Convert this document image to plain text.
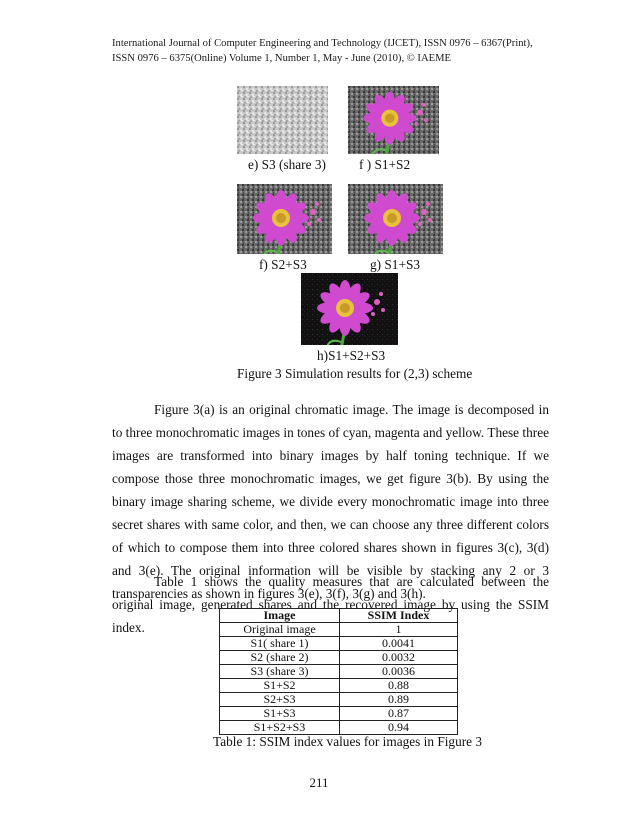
International Journal of Computer Engineering and Technology (IJCET), ISSN 0976 – 6367(Print),
ISSN 0976 – 6375(Online) Volume 1, Number 1, May - June (2010), © IAEME
e) S3 (share 3) f ) S1+S2
f) S2+S3	g) S1+S3
h)S1+S2+S3
Figure 3 Simulation results for (2,3) scheme
Figure 3(a) is an original chromatic image. The image is decomposed in to three monochromatic images in tones of cyan, magenta and yellow. These three images are transformed into binary images by half toning technique. If we compose those three monochromatic images, we get figure 3(b). By using the binary image sharing scheme, we divide every monochromatic image into three secret shares with same color, and then, we can choose any three different colors of which to compose them into three colored shares shown in figures 3(c), 3(d) and 3(e). The original information will be visible by stacking any 2 or 3 transparencies as shown in figures 3(e), 3(f), 3(g) and 3(h).
Table 1 shows the quality measures that are calculated between the original image, generated shares and the recovered image by using the SSIM index.
Image	SSIM Index
Original image	1
S1( share 1)	0.0041
S2 (share 2)	0.0032
S3 (share 3)	0.0036
S1+S2	0.88
S2+S3	0.89
S1+S3	0.87
S1+S2+S3	0.94
Table 1: SSIM index values for images in Figure 3
211
